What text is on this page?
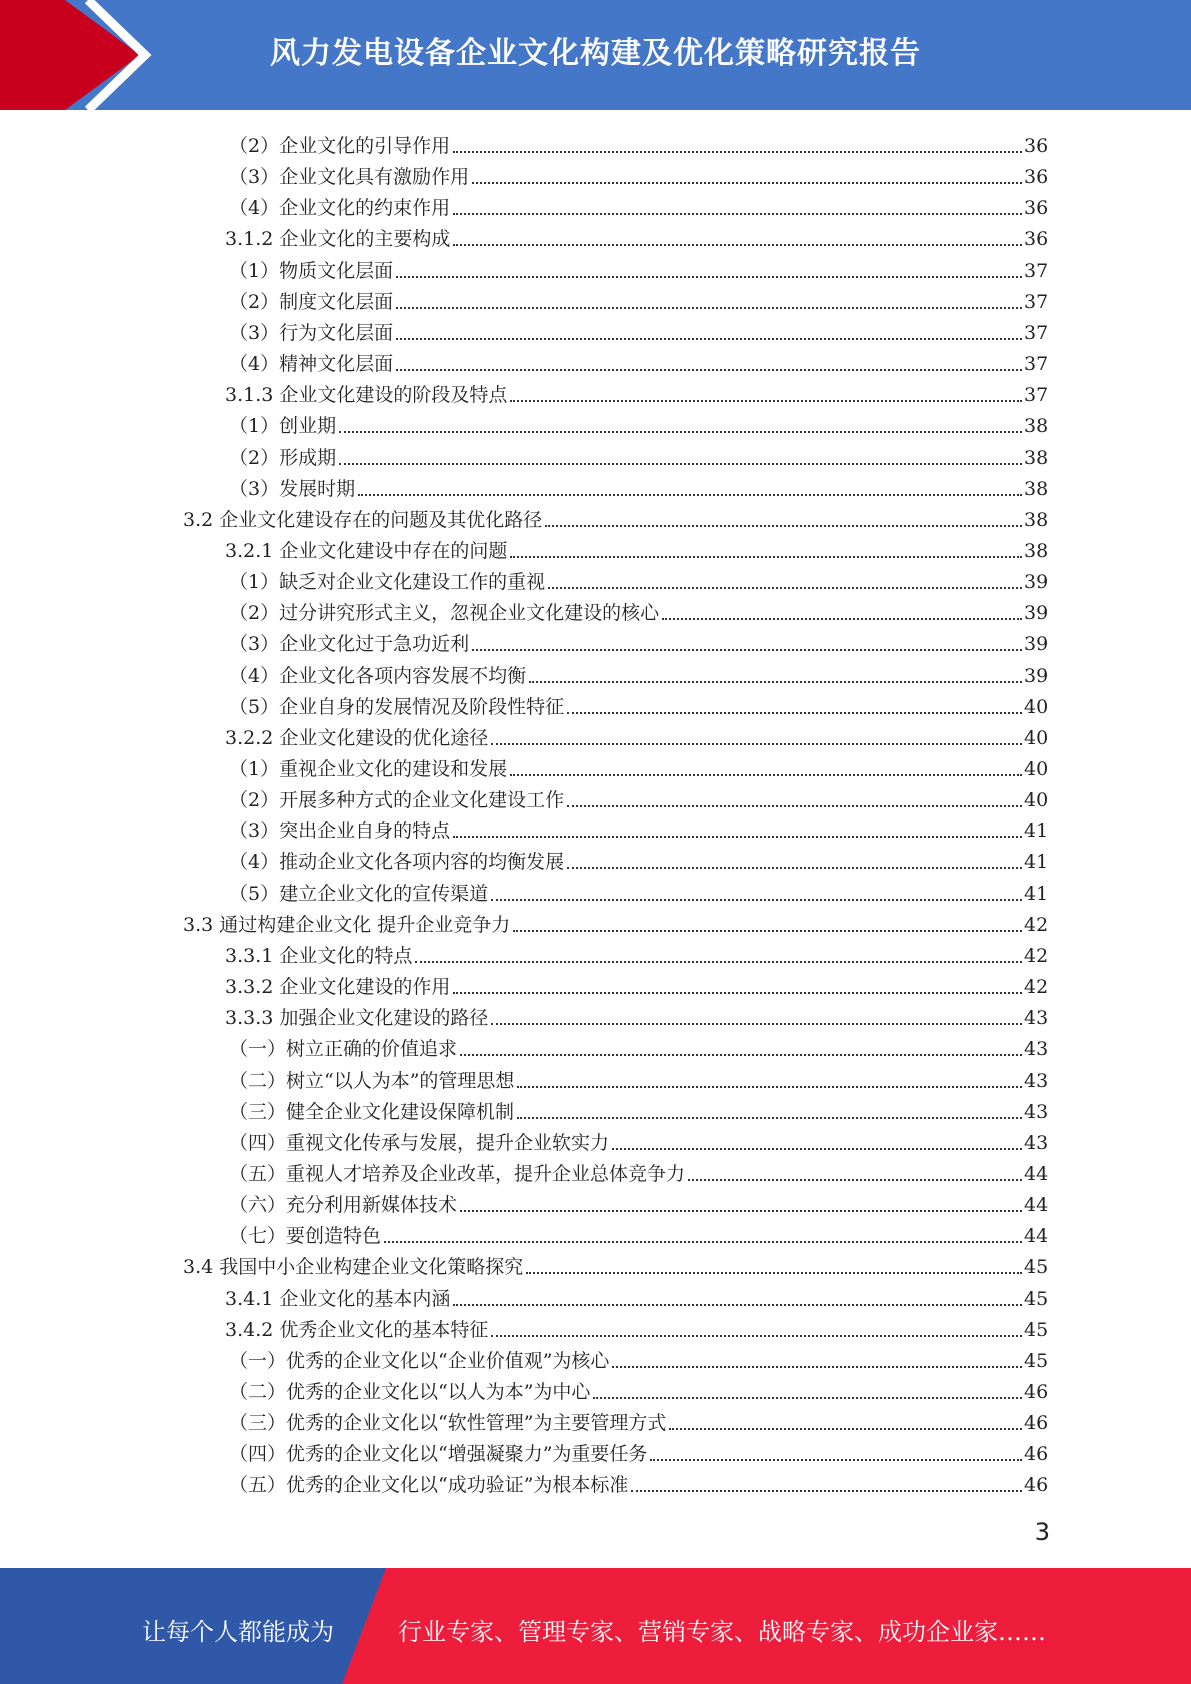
风力发电设备企业文化构建及优化策略研究报告
（2）企业文化的引导作用	36
（3）企业文化具有激励作用	36
（4）企业文化的约束作用	36
3.1.2 企业文化的主要构成	36
（1）物质文化层面	37
（2）制度文化层面	37
（3）行为文化层面	37
（4）精神文化层面	37
3.1.3 企业文化建设的阶段及特点	37
（1）创业期	38
（2）形成期	38
（3）发展时期	38
3.2 企业文化建设存在的问题及其优化路径	38
3.2.1 企业文化建设中存在的问题	38
（1）缺乏对企业文化建设工作的重视	39
（2）过分讲究形式主义，忽视企业文化建设的核心	39
（3）企业文化过于急功近利	39
（4）企业文化各项内容发展不均衡	39
（5）企业自身的发展情况及阶段性特征	40
3.2.2 企业文化建设的优化途径	40
（1）重视企业文化的建设和发展	40
（2）开展多种方式的企业文化建设工作	40
（3）突出企业自身的特点	41
（4）推动企业文化各项内容的均衡发展	41
（5）建立企业文化的宣传渠道	41
3.3 通过构建企业文化 提升企业竞争力	42
3.3.1 企业文化的特点	42
3.3.2 企业文化建设的作用	42
3.3.3 加强企业文化建设的路径	43
（一）树立正确的价值追求	43
（二）树立“以人为本”的管理思想	43
（三）健全企业文化建设保障机制	43
（四）重视文化传承与发展，提升企业软实力	43
（五）重视人才培养及企业改革，提升企业总体竞争力	44
（六）充分利用新媒体技术	44
（七）要创造特色	44
3.4 我国中小企业构建企业文化策略探究	45
3.4.1 企业文化的基本内涵	45
3.4.2 优秀企业文化的基本特征	45
（一）优秀的企业文化以“企业价值观”为核心	45
（二）优秀的企业文化以“以人为本”为中心	46
（三）优秀的企业文化以“软性管理”为主要管理方式	46
（四）优秀的企业文化以“增强凝聚力”为重要任务	46
（五）优秀的企业文化以“成功验证”为根本标准	46
3
让每个人都能成为	行业专家、管理专家、营销专家、战略专家、成功企业家……
